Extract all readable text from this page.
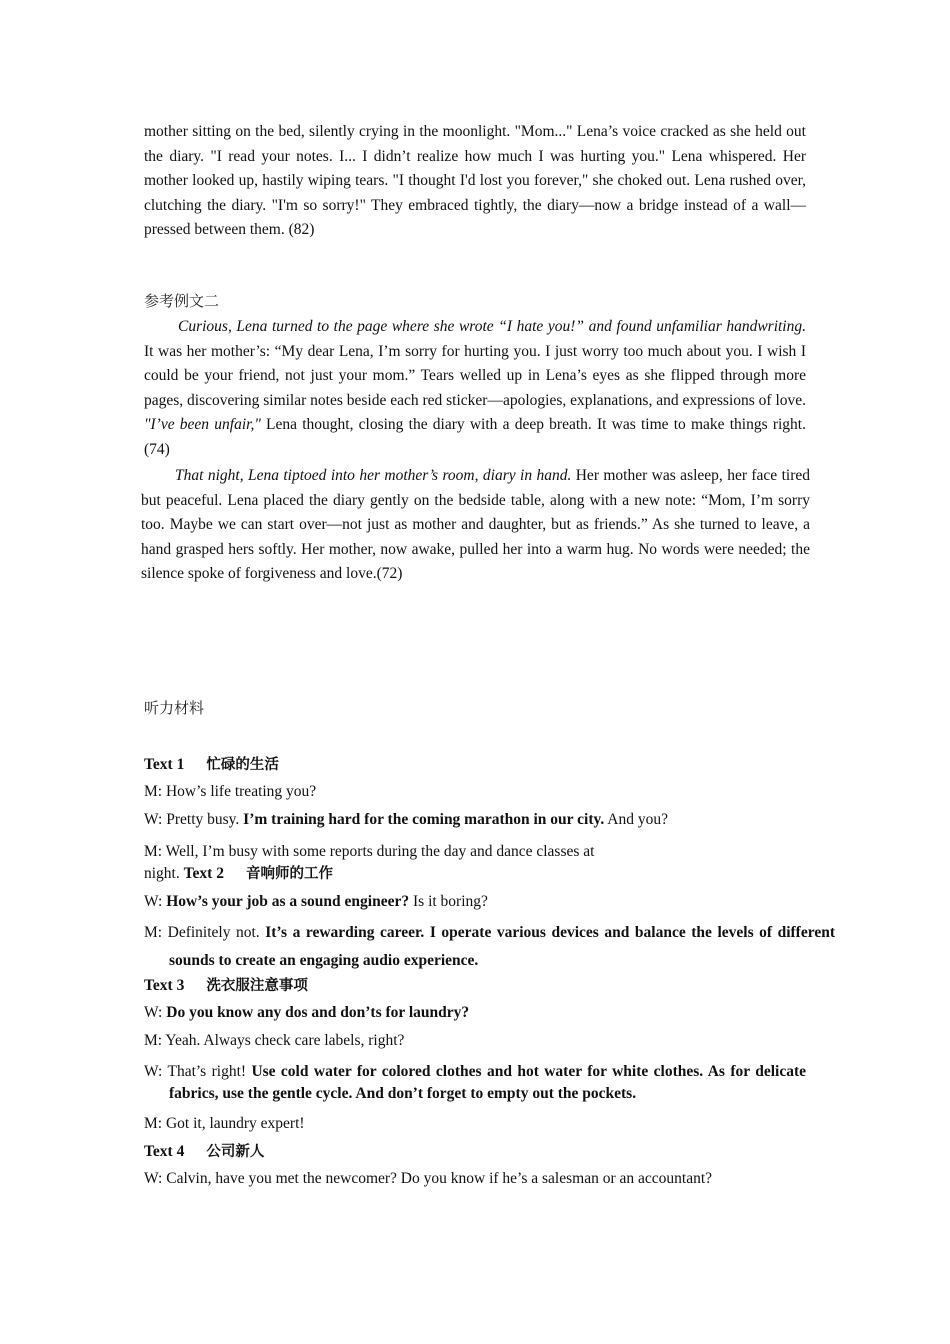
mother sitting on the bed, silently crying in the moonlight. "Mom..." Lena’s voice cracked as she held out the diary. "I read your notes. I... I didn’t realize how much I was hurting you." Lena whispered. Her mother looked up, hastily wiping tears. "I thought I'd lost you forever," she choked out. Lena rushed over, clutching the diary. "I'm so sorry!" They embraced tightly, the diary—now a bridge instead of a wall—pressed between them. (82)

参考例文二

Curious, Lena turned to the page where she wrote “I hate you!” and found unfamiliar handwriting. It was her mother’s: “My dear Lena, I’m sorry for hurting you. I just worry too much about you. I wish I could be your friend, not just your mom.” Tears welled up in Lena’s eyes as she flipped through more pages, discovering similar notes beside each red sticker—apologies, explanations, and expressions of love. "I’ve been unfair," Lena thought, closing the diary with a deep breath. It was time to make things right.(74)

That night, Lena tiptoed into her mother’s room, diary in hand. Her mother was asleep, her face tired but peaceful. Lena placed the diary gently on the bedside table, along with a new note: “Mom, I’m sorry too. Maybe we can start over—not just as mother and daughter, but as friends.” As she turned to leave, a hand grasped hers softly. Her mother, now awake, pulled her into a warm hug. No words were needed; the silence spoke of forgiveness and love.(72)

听力材料
Text 1 忙碌的生活
M: How’s life treating you?
W: Pretty busy. I’m training hard for the coming marathon in our city. And you?
M: Well, I’m busy with some reports during the day and dance classes at
night. Text 2 音响师的工作
W: How’s your job as a sound engineer? Is it boring?
M: Definitely not. It’s a rewarding career. I operate various devices and balance the levels of different sounds to create an engaging audio experience.
Text 3 洗衣服注意事项
W: Do you know any dos and don’ts for laundry?
M: Yeah. Always check care labels, right?
W: That’s right! Use cold water for colored clothes and hot water for white clothes. As for delicate fabrics, use the gentle cycle. And don’t forget to empty out the pockets.
M: Got it, laundry expert!
Text 4 公司新人
W: Calvin, have you met the newcomer? Do you know if he’s a salesman or an accountant?
